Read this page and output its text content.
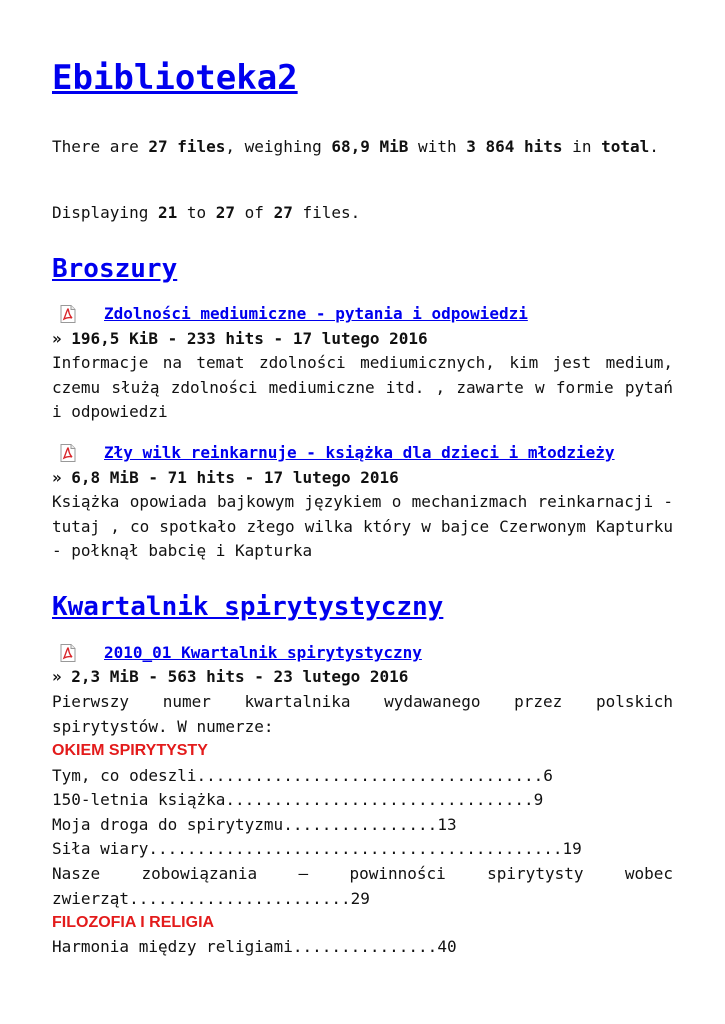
Ebiblioteka2

There are 27 files, weighing 68,9 MiB with 3 864 hits in total.

Displaying 21 to 27 of 27 files.

Broszury
Zdolności mediumiczne - pytania i odpowiedzi
» 196,5 KiB - 233 hits - 17 lutego 2016

Informacje na temat zdolności mediumicznych, kim jest medium, czemu służą zdolności mediumiczne itd. , zawarte w formie pytań i odpowiedzi

Zły wilk reinkarnuje - książka dla dzieci i młodzieży
» 6,8 MiB - 71 hits - 17 lutego 2016

Książka opowiada bajkowym językiem o mechanizmach reinkarnacji - tutaj , co spotkało złego wilka który w bajce Czerwonym Kapturku - połknął babcię i Kapturka

Kwartalnik spirytystyczny
2010_01 Kwartalnik spirytystyczny
» 2,3 MiB - 563 hits - 23 lutego 2016

Pierwszy numer kwartalnika wydawanego przez polskich spirytystów. W numerze:

OKIEM SPIRYTYSTY
Tym, co odeszli....................................6
150-letnia książka................................9
Moja droga do spirytyzmu................13
Siła wiary...........................................19

Nasze zobowiązania – powinności spirytysty wobec zwierząt.......................29

FILOZOFIA I RELIGIA
Harmonia między religiami...............40
